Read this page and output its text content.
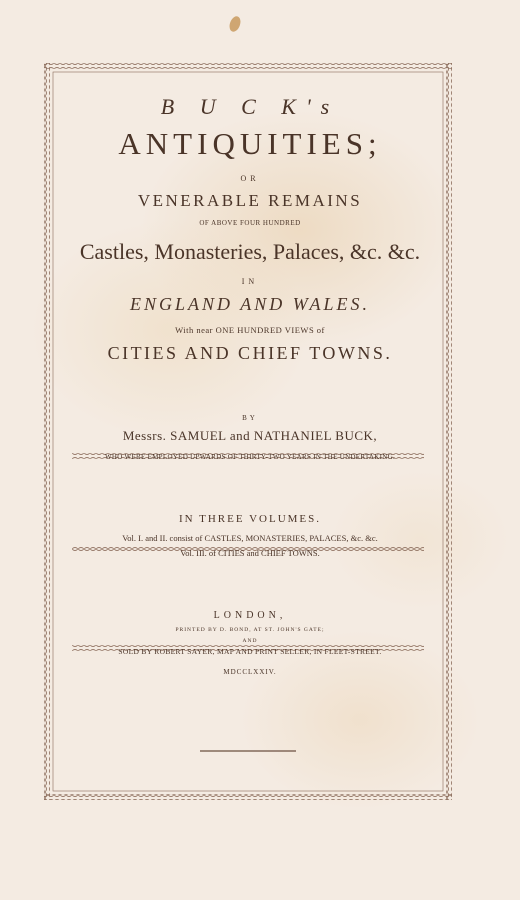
B U C K's

ANTIQUITIES;

OR

VENERABLE REMAINS

OF ABOVE FOUR HUNDRED

Castles, Monasteries, Palaces, &c. &c.

IN

ENGLAND AND WALES.

With near ONE HUNDRED VIEWS of

CITIES AND CHIEF TOWNS.

BY

Messrs. SAMUEL and NATHANIEL BUCK,

WHO WERE EMPLOYED UPWARDS OF THIRTY-TWO YEARS IN THE UNDERTAKING.

IN THREE VOLUMES.

Vol. I. and II. consist of CASTLES, MONASTERIES, PALACES, &c. &c.

Vol. III. of CITIES and CHIEF TOWNS.

LONDON,

PRINTED BY D. BOND, AT ST. JOHN'S GATE;

AND

SOLD BY ROBERT SAYER, MAP AND PRINT SELLER, IN FLEET-STREET.

MDCCLXXIV.
